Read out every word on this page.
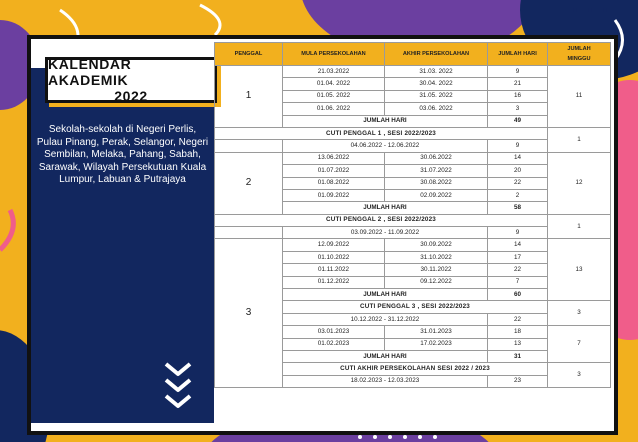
KALENDAR AKADEMIK
2022
Sekolah-sekolah di Negeri Perlis, Pulau Pinang, Perak, Selangor, Negeri Sembilan, Melaka, Pahang, Sabah, Sarawak, Wilayah Persekutuan Kuala Lumpur, Labuan & Putrajaya
PENGGAL	MULA PERSEKOLAHAN	AKHIR PERSEKOLAHAN	JUMLAH HARI	JUMLAH
MINGGU
1	21.03.2022	31.03. 2022	9	11
	01.04. 2022	30.04. 2022	21	
	01.05. 2022	31.05. 2022	16	
	01.06. 2022	03.06. 2022	3	
	JUMLAH HARI		49	
CUTI PENGGAL 1 , SESI 2022/2023				1
	04.06.2022 - 12.06.2022		9	
2	13.06.2022	30.06.2022	14	12
	01.07.2022	31.07.2022	20	
	01.08.2022	30.08.2022	22	
	01.09.2022	02.09.2022	2	
	JUMLAH HARI		58	
CUTI PENGGAL 2 , SESI 2022/2023				1
	03.09.2022 - 11.09.2022		9	
3	12.09.2022	30.09.2022	14	13
	01.10.2022	31.10.2022	17	
	01.11.2022	30.11.2022	22	
	01.12.2022	09.12.2022	7	
	JUMLAH HARI		60	
	CUTI PENGGAL 3 , SESI 2022/2023			3
	10.12.2022 - 31.12.2022		22	
	03.01.2023	31.01.2023	18	7
	01.02.2023	17.02.2023	13	
	JUMLAH HARI		31	
	CUTI AKHIR PERSEKOLAHAN SESI 2022 / 2023			3
	18.02.2023 - 12.03.2023		23	
